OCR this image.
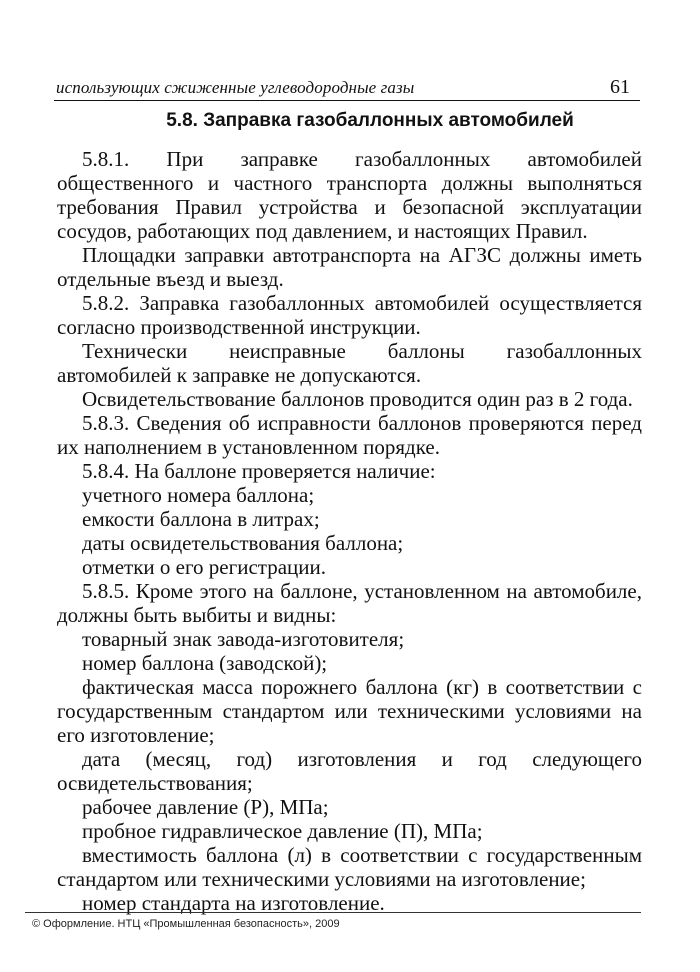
использующих сжиженные углеводородные газы	61
5.8. Заправка газобаллонных автомобилей

5.8.1. При заправке газобаллонных автомобилей общественного и частного транспорта должны выполняться требования Правил устройства и безопасной эксплуатации сосудов, работающих под давлением, и настоящих Правил.

Площадки заправки автотранспорта на АГЗС должны иметь отдельные въезд и выезд.

5.8.2. Заправка газобаллонных автомобилей осуществляется согласно производственной инструкции.

Технически неисправные баллоны газобаллонных автомобилей к заправке не допускаются.

Освидетельствование баллонов проводится один раз в 2 года.

5.8.3. Сведения об исправности баллонов проверяются перед их наполнением в установленном порядке.

5.8.4. На баллоне проверяется наличие:

учетного номера баллона;

емкости баллона в литрах;

даты освидетельствования баллона;

отметки о его регистрации.

5.8.5. Кроме этого на баллоне, установленном на автомобиле, должны быть выбиты и видны:

товарный знак завода-изготовителя;

номер баллона (заводской);

фактическая масса порожнего баллона (кг) в соответствии с государственным стандартом или техническими условиями на его изготовление;

дата (месяц, год) изготовления и год следующего освидетельствования;

рабочее давление (Р), МПа;

пробное гидравлическое давление (П), МПа;

вместимость баллона (л) в соответствии с государственным стандартом или техническими условиями на изготовление;

номер стандарта на изготовление.

© Оформление. НТЦ «Промышленная безопасность», 2009
